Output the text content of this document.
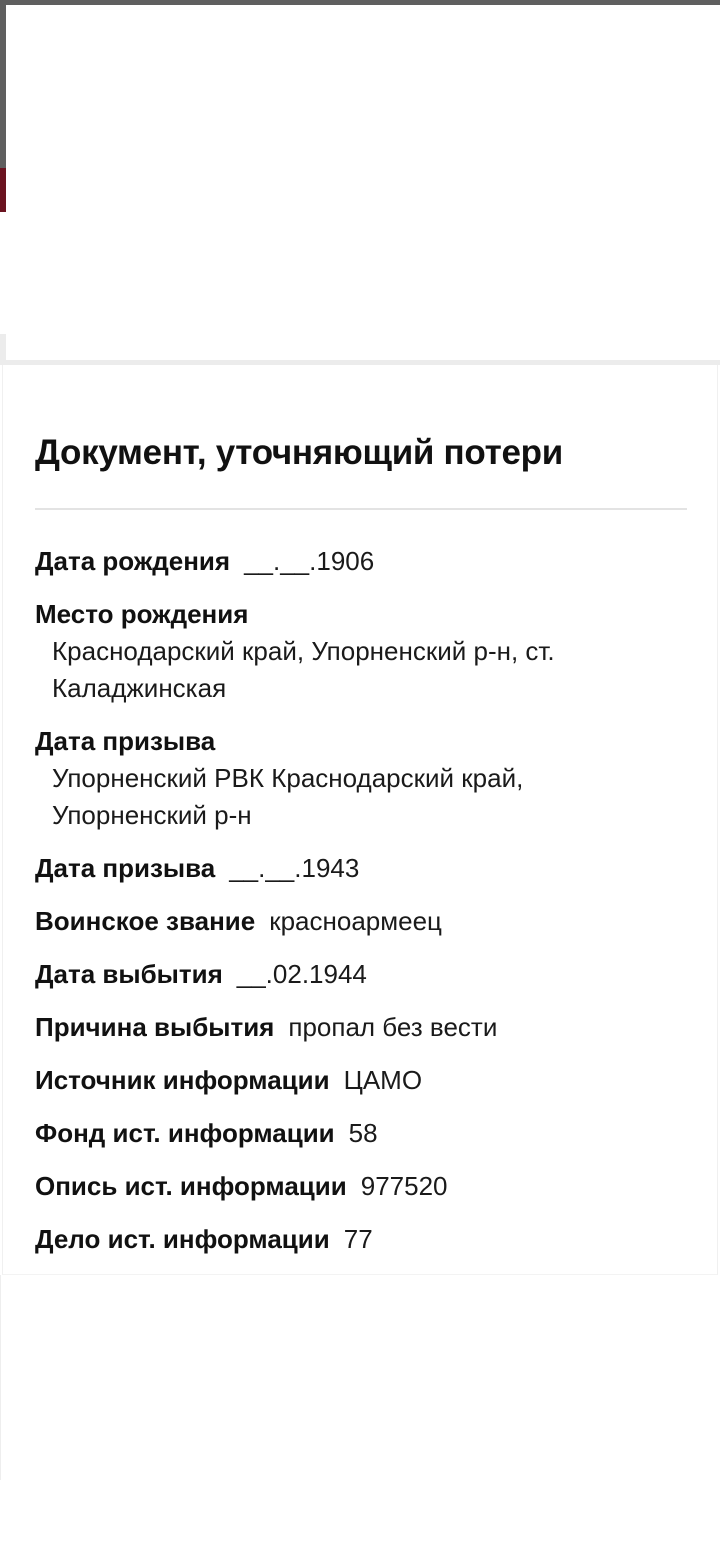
Документ, уточняющий потери
Дата рождения __.__.1906
Место рождения
Краснодарский край, Упорненский р-н, ст. Каладжинская
Дата призыва
Упорненский РВК Краснодарский край, Упорненский р-н
Дата призыва __.__.1943
Воинское звание красноармеец
Дата выбытия __.02.1944
Причина выбытия пропал без вести
Источник информации ЦАМО
Фонд ист. информации 58
Опись ист. информации 977520
Дело ист. информации 77
